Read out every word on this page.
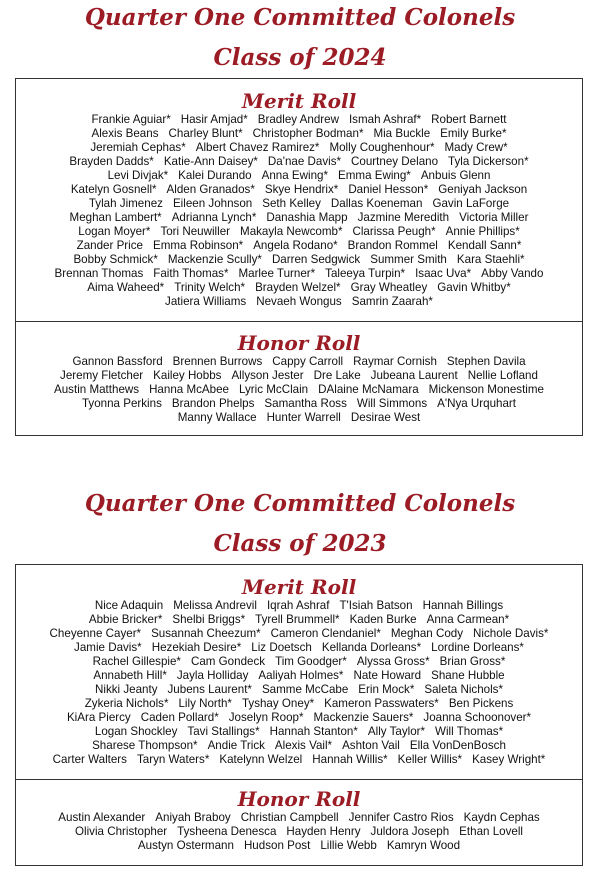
Quarter One Committed Colonels
Class of 2024
Merit Roll
Frankie Aguiar* Hasir Amjad* Bradley Andrew Ismah Ashraf* Robert Barnett
Alexis Beans Charley Blunt* Christopher Bodman* Mia Buckle Emily Burke*
Jeremiah Cephas* Albert Chavez Ramirez* Molly Coughenhour* Mady Crew*
Brayden Dadds* Katie-Ann Daisey* Da'nae Davis* Courtney Delano Tyla Dickerson*
Levi Divjak* Kalei Durando Anna Ewing* Emma Ewing* Anbuis Glenn
Katelyn Gosnell* Alden Granados* Skye Hendrix* Daniel Hesson* Geniyah Jackson
Tylah Jimenez Eileen Johnson Seth Kelley Dallas Koeneman Gavin LaForge
Meghan Lambert* Adrianna Lynch* Danashia Mapp Jazmine Meredith Victoria Miller
Logan Moyer* Tori Neuwiller Makayla Newcomb* Clarissa Peugh* Annie Phillips*
Zander Price Emma Robinson* Angela Rodano* Brandon Rommel Kendall Sann*
Bobby Schmick* Mackenzie Scully* Darren Sedgwick Summer Smith Kara Staehli*
Brennan Thomas Faith Thomas* Marlee Turner* Taleeya Turpin* Isaac Uva* Abby Vando
Aima Waheed* Trinity Welch* Brayden Welzel* Gray Wheatley Gavin Whitby*
Jatiera Williams Nevaeh Wongus Samrin Zaarah*
Honor Roll
Gannon Bassford Brennen Burrows Cappy Carroll Raymar Cornish Stephen Davila
Jeremy Fletcher Kailey Hobbs Allyson Jester Dre Lake Jubeana Laurent Nellie Lofland
Austin Matthews Hanna McAbee Lyric McClain DAlaine McNamara Mickenson Monestime
Tyonna Perkins Brandon Phelps Samantha Ross Will Simmons A'Nya Urquhart
Manny Wallace Hunter Warrell Desirae West
Quarter One Committed Colonels
Class of 2023
Merit Roll
Nice Adaquin Melissa Andrevil Iqrah Ashraf T'Isiah Batson Hannah Billings
Abbie Bricker* Shelbi Briggs* Tyrell Brummell* Kaden Burke Anna Carmean*
Cheyenne Cayer* Susannah Cheezum* Cameron Clendaniel* Meghan Cody Nichole Davis*
Jamie Davis* Hezekiah Desire* Liz Doetsch Kellanda Dorleans* Lordine Dorleans*
Rachel Gillespie* Cam Gondeck Tim Goodger* Alyssa Gross* Brian Gross*
Annabeth Hill* Jayla Holliday Aaliyah Holmes* Nate Howard Shane Hubble
Nikki Jeanty Jubens Laurent* Samme McCabe Erin Mock* Saleta Nichols*
Zykeria Nichols* Lily North* Tyshay Oney* Kameron Passwaters* Ben Pickens
KiAra Piercy Caden Pollard* Joselyn Roop* Mackenzie Sauers* Joanna Schoonover*
Logan Shockley Tavi Stallings* Hannah Stanton* Ally Taylor* Will Thomas*
Sharese Thompson* Andie Trick Alexis Vail* Ashton Vail Ella VonDenBosch
Carter Walters Taryn Waters* Katelynn Welzel Hannah Willis* Keller Willis* Kasey Wright*
Honor Roll
Austin Alexander Aniyah Braboy Christian Campbell Jennifer Castro Rios Kaydn Cephas
Olivia Christopher Tysheena Denesca Hayden Henry Juldora Joseph Ethan Lovell
Austyn Ostermann Hudson Post Lillie Webb Kamryn Wood
